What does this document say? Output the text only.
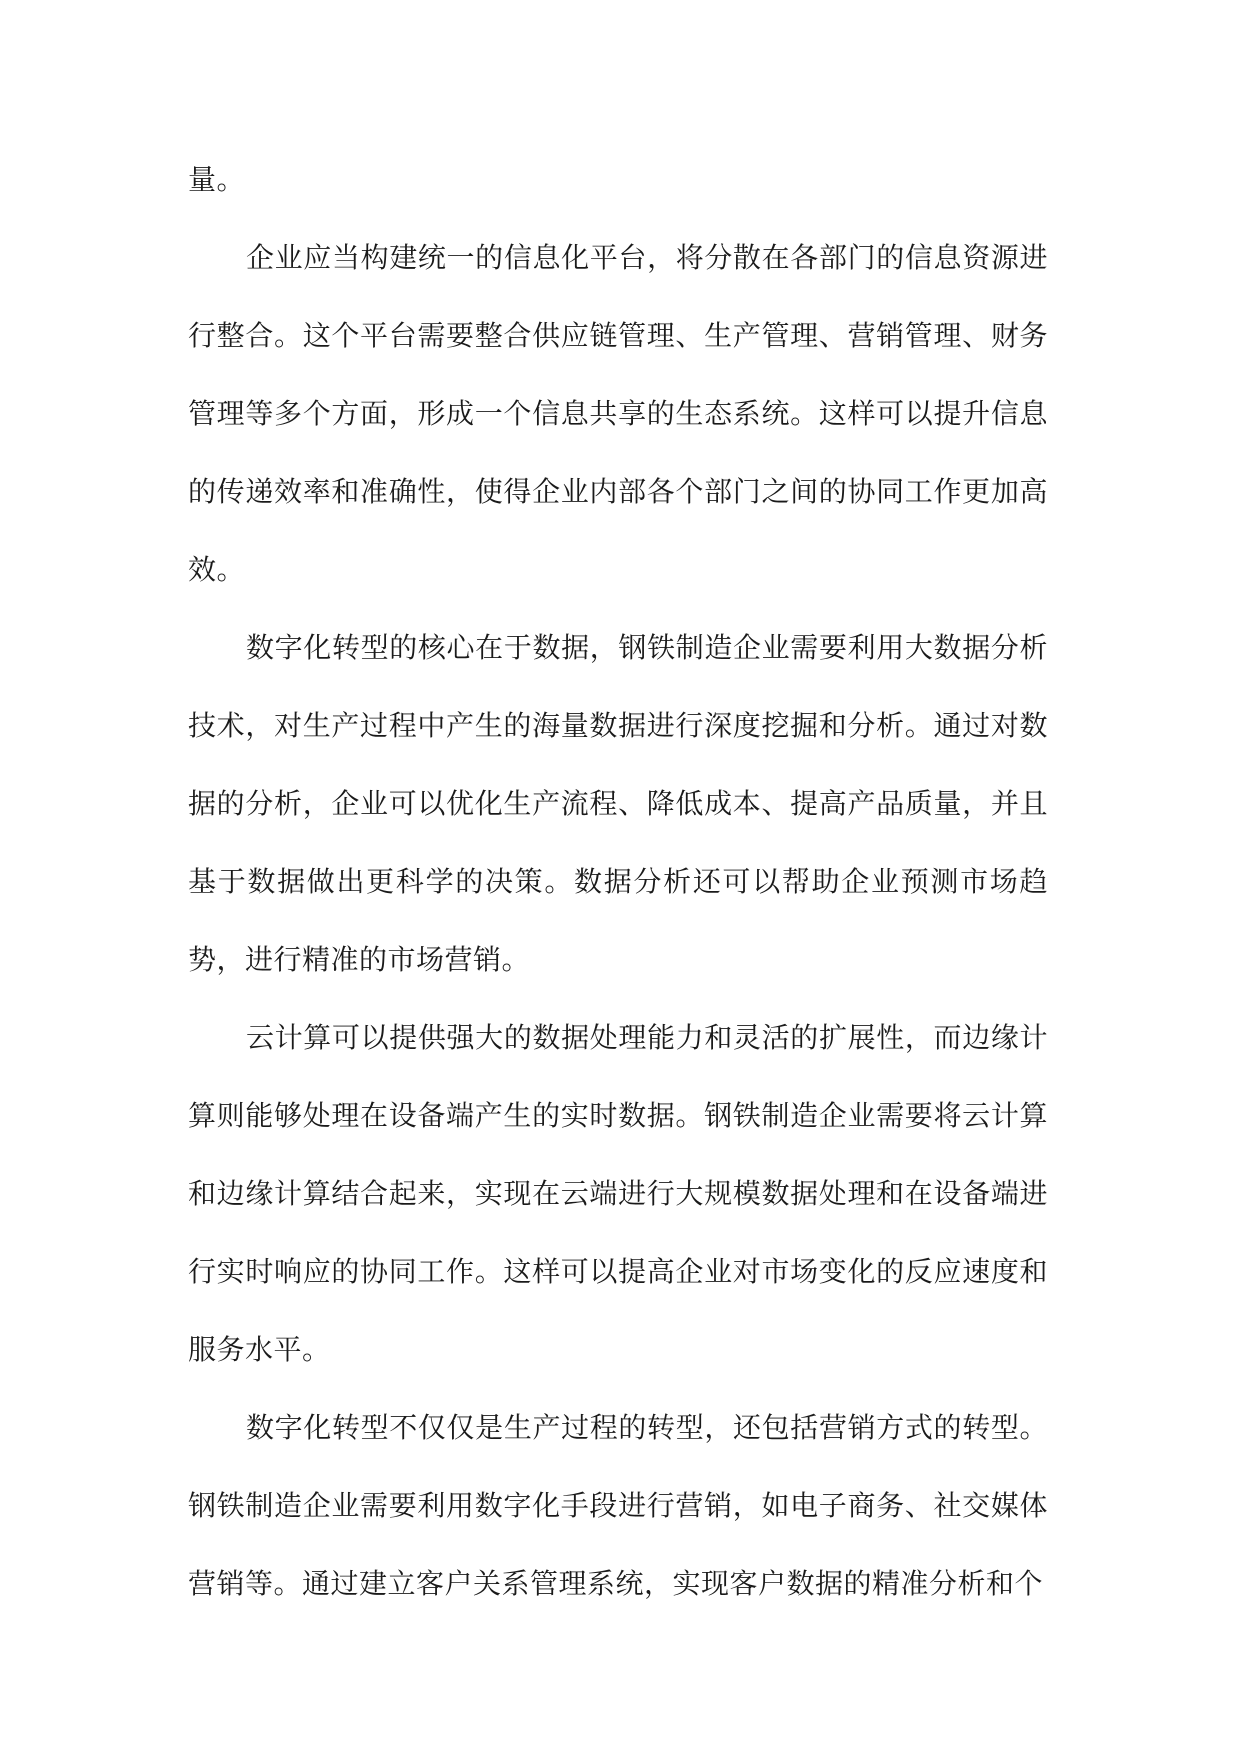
量。

企业应当构建统一的信息化平台，将分散在各部门的信息资源进行整合。这个平台需要整合供应链管理、生产管理、营销管理、财务管理等多个方面，形成一个信息共享的生态系统。这样可以提升信息的传递效率和准确性，使得企业内部各个部门之间的协同工作更加高效。

数字化转型的核心在于数据，钢铁制造企业需要利用大数据分析技术，对生产过程中产生的海量数据进行深度挖掘和分析。通过对数据的分析，企业可以优化生产流程、降低成本、提高产品质量，并且基于数据做出更科学的决策。数据分析还可以帮助企业预测市场趋势，进行精准的市场营销。

云计算可以提供强大的数据处理能力和灵活的扩展性，而边缘计算则能够处理在设备端产生的实时数据。钢铁制造企业需要将云计算和边缘计算结合起来，实现在云端进行大规模数据处理和在设备端进行实时响应的协同工作。这样可以提高企业对市场变化的反应速度和服务水平。

数字化转型不仅仅是生产过程的转型，还包括营销方式的转型。钢铁制造企业需要利用数字化手段进行营销，如电子商务、社交媒体营销等。通过建立客户关系管理系统，实现客户数据的精准分析和个
